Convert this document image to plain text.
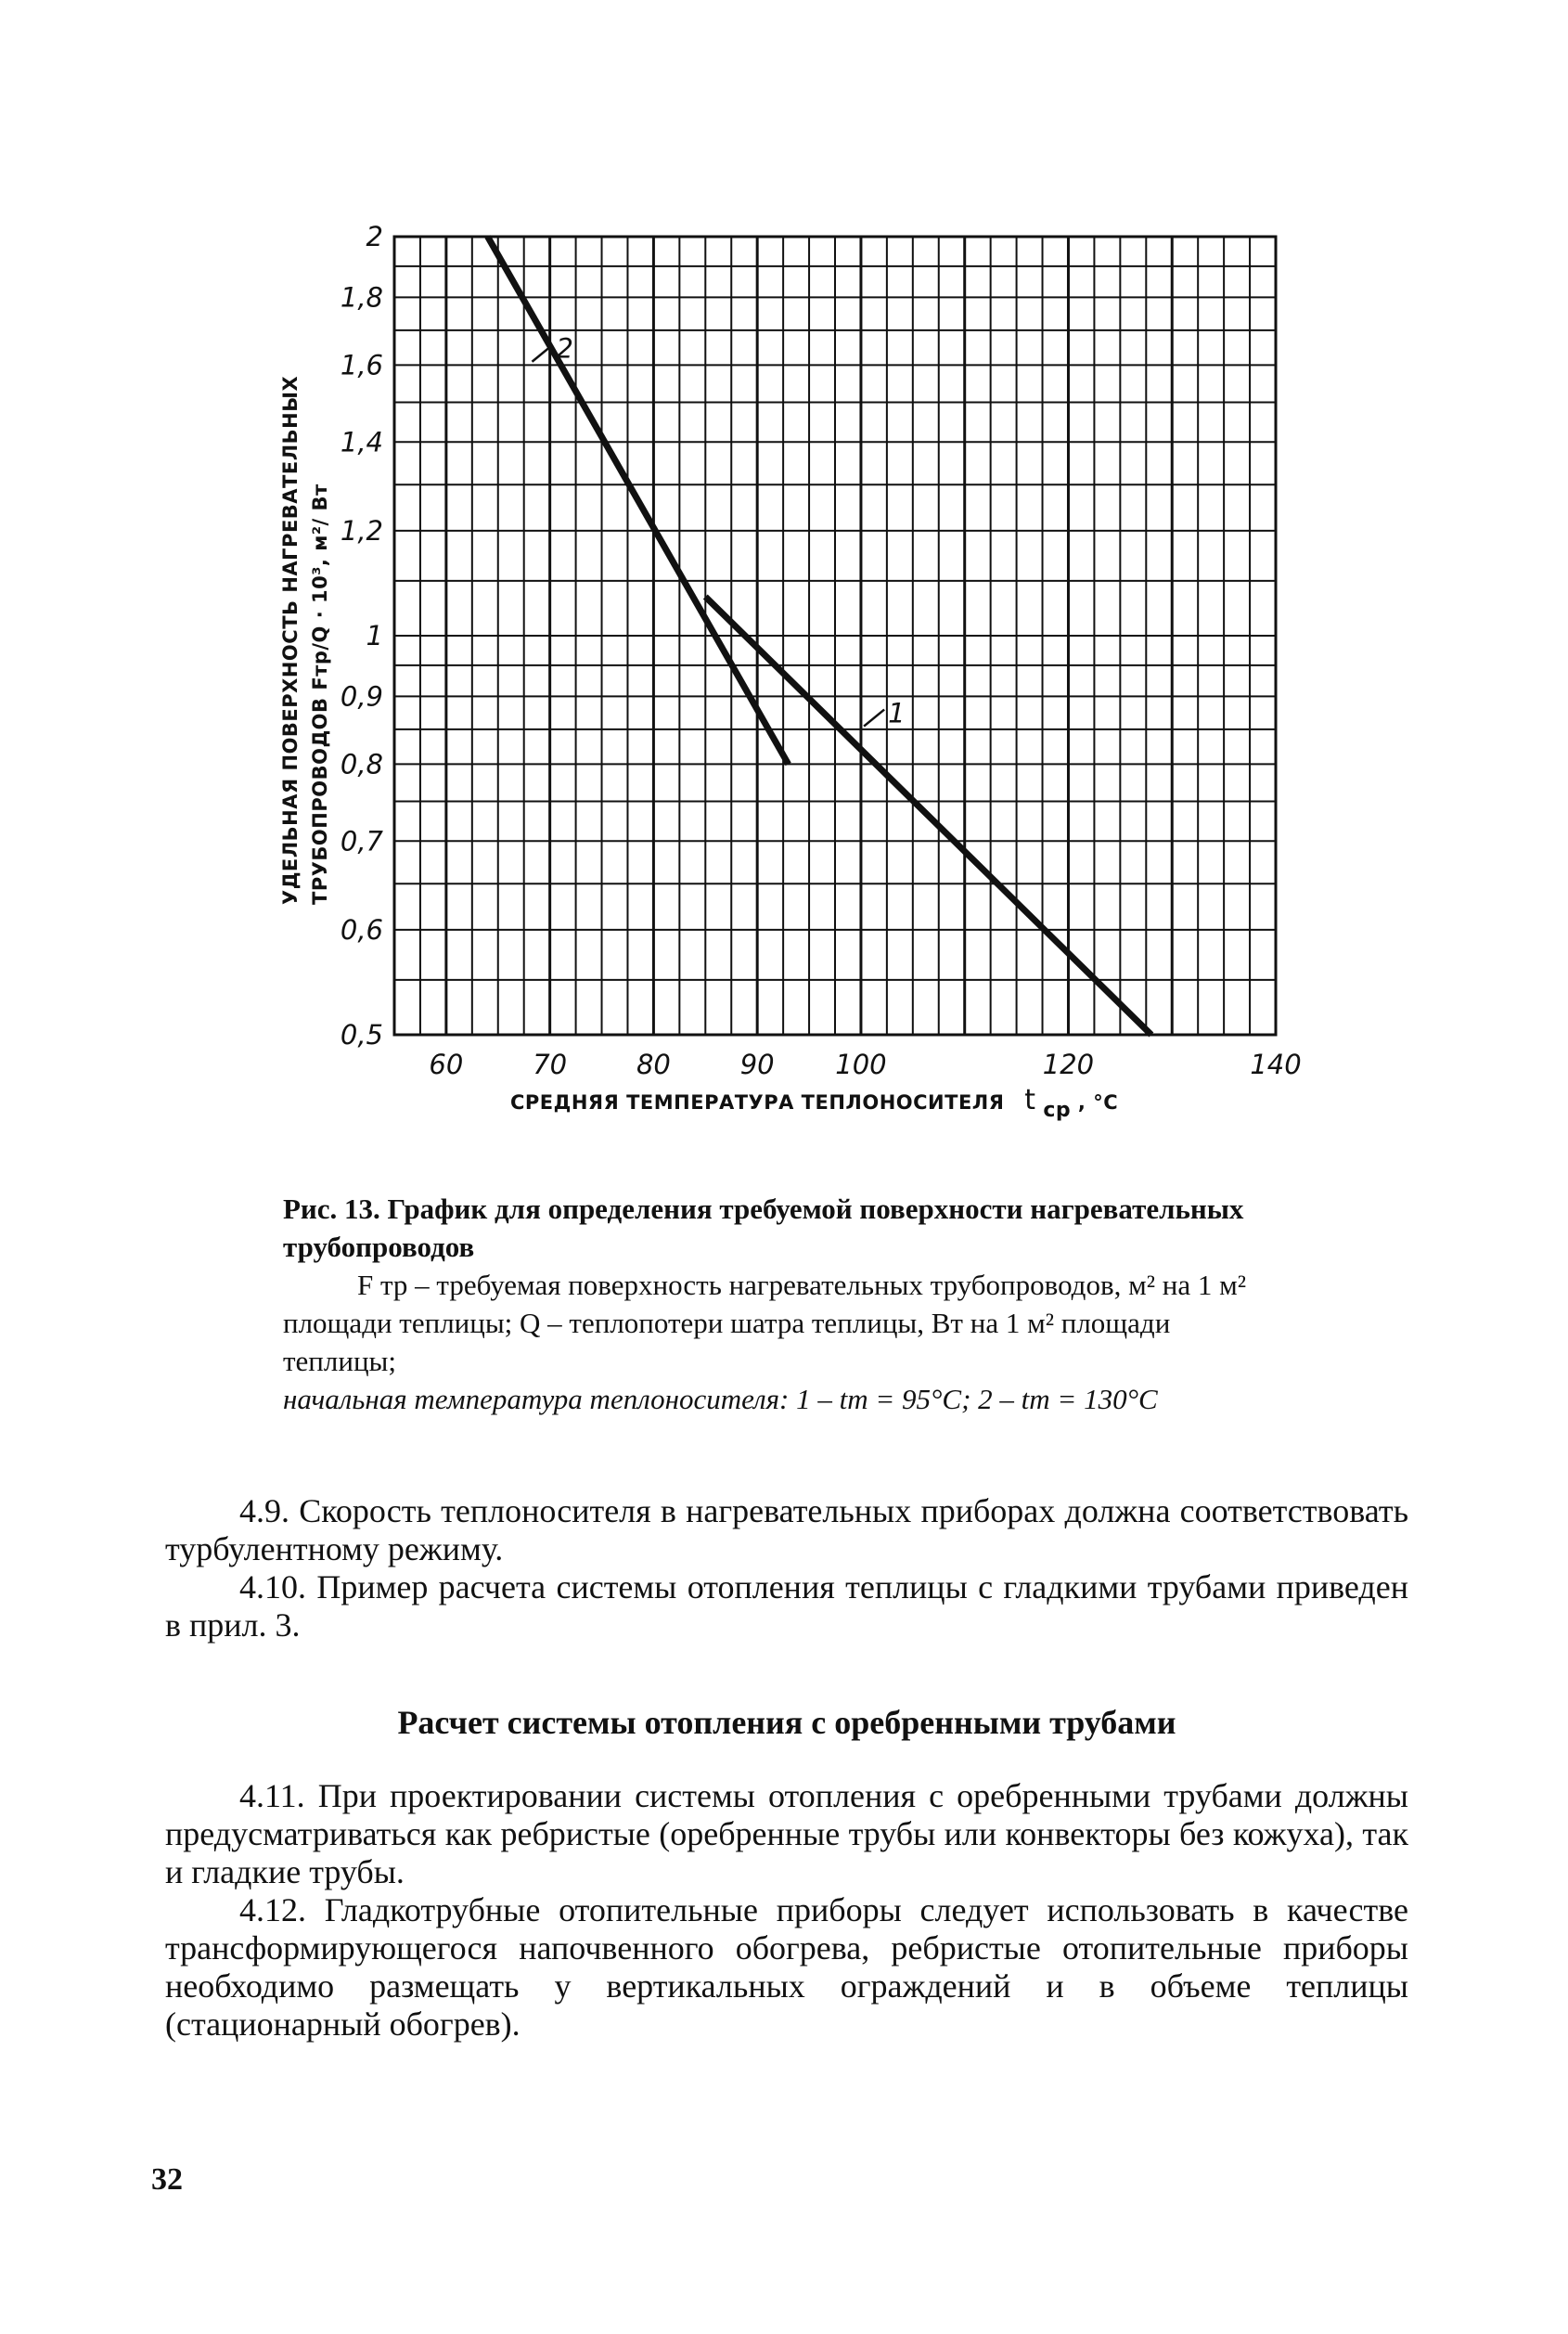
2
1,8
1,6
1,4
1,2
1
0,9
0,8
0,7
0,6
0,5
60	70	80	90 100	120	140
1
2
УДЕЛЬНАЯ ПОВЕРХНОСТЬ НАГРЕВАТЕЛЬНЫХ ТРУБОПРОВОДОВ Fтр/Q · 10³, м²/ Вт
СРЕДНЯЯ ТЕМПЕРАТУРА ТЕПЛОНОСИТЕЛЯ t ср , °С

Рис. 13. График для определения требуемой поверхности нагревательных трубопроводов

F тр – требуемая поверхность нагревательных трубопроводов, м² на 1 м² площади теплицы; Q – теплопотери шатра теплицы, Вт на 1 м² площади теплицы;

начальная температура теплоносителя: 1 – tт = 95°С; 2 – tт = 130°С

4.9. Скорость теплоносителя в нагревательных приборах должна соответствовать турбулентному режиму.

4.10. Пример расчета системы отопления теплицы с гладкими трубами приведен в прил. 3.

Расчет системы отопления с оребренными трубами

4.11. При проектировании системы отопления с оребренными трубами должны предусматриваться как ребристые (оребренные трубы или конвекторы без кожуха), так и гладкие трубы.

4.12. Гладкотрубные отопительные приборы следует использовать в качестве трансформирующегося напочвенного обогрева, ребристые отопительные приборы необходимо размещать у вертикальных ограждений и в объеме теплицы (стационарный обогрев).

32
